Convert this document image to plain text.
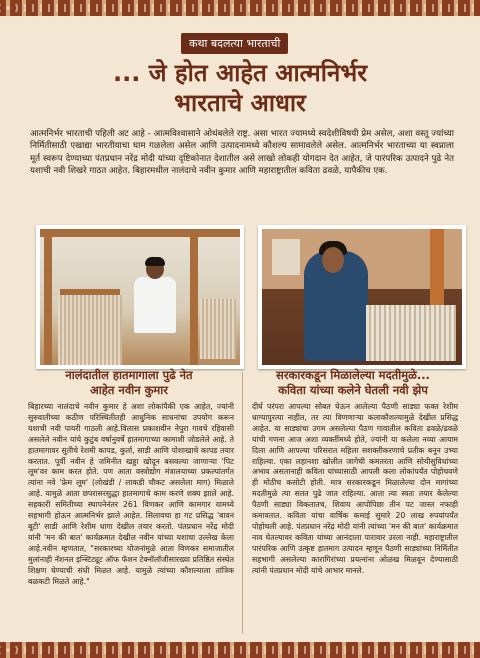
कथा बदलत्या भारताची
... जे होत आहेत आत्मनिर्भर
भारताचे आधार
आत्मनिर्भर भारताची पहिली अट आहे - आत्मविश्वासाने ओथंबलेले राष्ट्र. असा भारत ज्यामध्ये स्वदेशीविषयी प्रेम असेल, अशा वस्तू ज्यांच्या निर्मितीसाठी एखाद्या भारतीयाचा घाम गळलेला असेल आणि उत्पादनामध्ये कौशल्य सामावलेले असेल. आत्मनिर्भर भारताच्या या स्वप्नाला मूर्त स्वरूप देण्याच्या पंतप्रधान नरेंद्र मोदी यांच्या दृष्टिकोनात देशातील असे लाखो लोकही योगदान देत आहेत, जे पारंपरिक उत्पादने पुढे नेत यशाची नवी शिखरे गाठत आहेत. बिहारमधील नालंदाचे नवीन कुमार आणि महाराष्ट्रातील कविता ढवळे, यापैकीच एक.
नालंदातील हातमागाला पुढे नेत
आहेत नवीन कुमार
सरकारकडून मिळालेल्या मदतीमुळे...
कविता यांच्या कलेने घेतली नवी झेप
बिहारच्या नालंदाचे नवीन कुमार हे अशा लोकांपैकी एक आहेत, ज्यांनी सुरुवातीच्या कठीण परिस्थितीतही आधुनिक साधनांचा उपयोग करून यशाची नवी पायरी गाठली आहे.विलास प्रकाशवीन नेपुरा गावचे रहिवासी असलेले नवीन यांचे कुटुंब वर्षानुवर्षे हातमागाच्या कामाशी जोडलेले आहे. ते हातमागावर सुतीचे रेशमी कापड, कुर्ता, साडी आणि पोशाखाचे कापड तयार करतात. पूर्वी नवीन हे जमिनीत खड्डा खोदून बसवल्या जाणाऱ्या 'पिट लूम'वर काम करत होते. पण आता वस्त्रोद्योग मंत्रालयाच्या प्रकल्पांतर्गत त्यांना नवे 'फ्रेम लूम' (लोखंडी / लाकडी चौकट असलेला माग) मिळाले आहे. यामुळे आता छपरासरसुद्धा हातमागाचे काम करणे शक्य झाले आहे. सहकारी समितीच्या स्थापनेनंतर 261 विणकर आणि कामगार यामध्ये सहभागी होऊन आत्मनिर्भर झाले आहेत. सिलावचा हा गट प्रसिद्ध 'बावन बूटी' साडी आणि रेशीम धागा देखील तयार करतो. पंतप्रधान नरेंद्र मोदी यांनी 'मन की बात' कार्यक्रमात देखील नवीन यांच्या यशाचा उल्लेख केला आहे.नवीन म्हणतात, "सरकारच्या योजनांमुळे आता विणकर समाजातील मुलांनाही नॅशनल इन्स्टिट्यूट ऑफ फॅशन टेक्नॉलॉजीसारख्या प्रतिष्ठित संस्थेत शिक्षण घेण्याची संधी मिळत आहे. यामुळे त्यांच्या कौशल्याला तांत्रिक बळकटी मिळते आहे."
दीर्घ परंपरा आपल्या सोबत घेऊन आलेल्या पैठणी साड्या फक्त रेशीम धाग्यापुरत्या नाहीत, तर त्या विणणाऱ्या कलाकौशल्यामुळे देखील प्रसिद्ध आहेत. या साड्यांचा उगम असलेल्या पैठण गावातील कविता ढवळे/ढवळे यांची गणना आज अशा व्यक्तींमध्ये होते, ज्यांनी या कलेला नव्या आयाम दिला आणि आपल्या परिसरात महिला सशक्तीकरणाचे प्रतीक बनून उभ्या राहिल्या. एका लहानशा खोलीत जागेची कमतरता आणि सोयीसुविधांच्या अभाव असतानाही कविता यांच्यासाठी आपली कला लोकांपर्यंत पोहोचवणे ही मोठीच कसोटी होती. मात्र सरकारकडून मिळालेल्या दोन मागांच्या मदतीमुळे त्या सतत पुढे जात राहिल्या. आता त्या स्वतः तयार केलेल्या पैठणी साड्या विकतातच, शिवाय आपोपिछा तीन पट जास्त नफाही कमावतात. कविता यांचा वार्षिक कमाई सुमारे 20 लाख रुपयांपर्यंत पोहोचली आहे. पंतप्रधान नरेंद्र मोदी यांनी त्यांच्या 'मन की बात' कार्यक्रमात नाव घेतल्यावर कविता यांच्या आनंदाला पारावार उरला नाही. महाराष्ट्रातील पारंपरिक आणि उत्कृष्ट हातमाग उत्पादन म्हणून पैठणी साड्यांच्या निर्मितीत सहभागी असलेल्या कारागिरांच्या प्रयत्नांना ओळख मिळवून देण्यासाठी त्यांनी पंतप्रधान मोदी यांचे आभार मानले.
